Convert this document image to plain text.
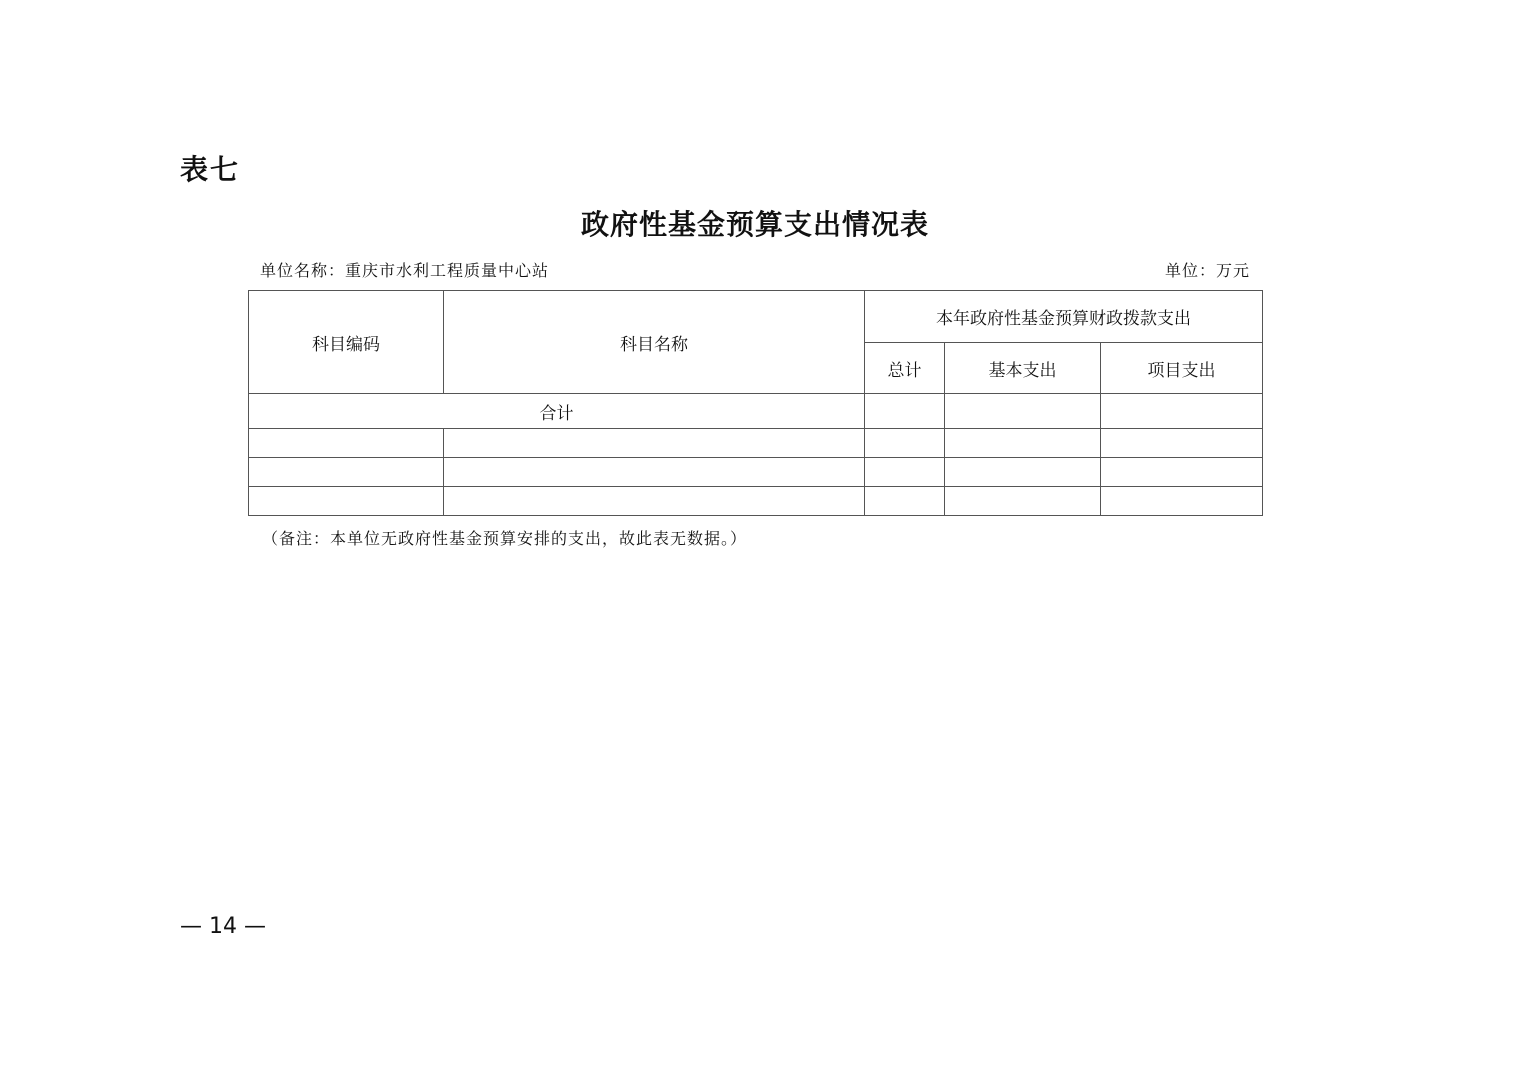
表七
政府性基金预算支出情况表
单位名称：重庆市水利工程质量中心站	单位：万元
科目编码	科目名称	本年政府性基金预算财政拨款支出		
		总计	基本支出	项目支出
合计				

（备注：本单位无政府性基金预算安排的支出，故此表无数据。）
— 14 —
